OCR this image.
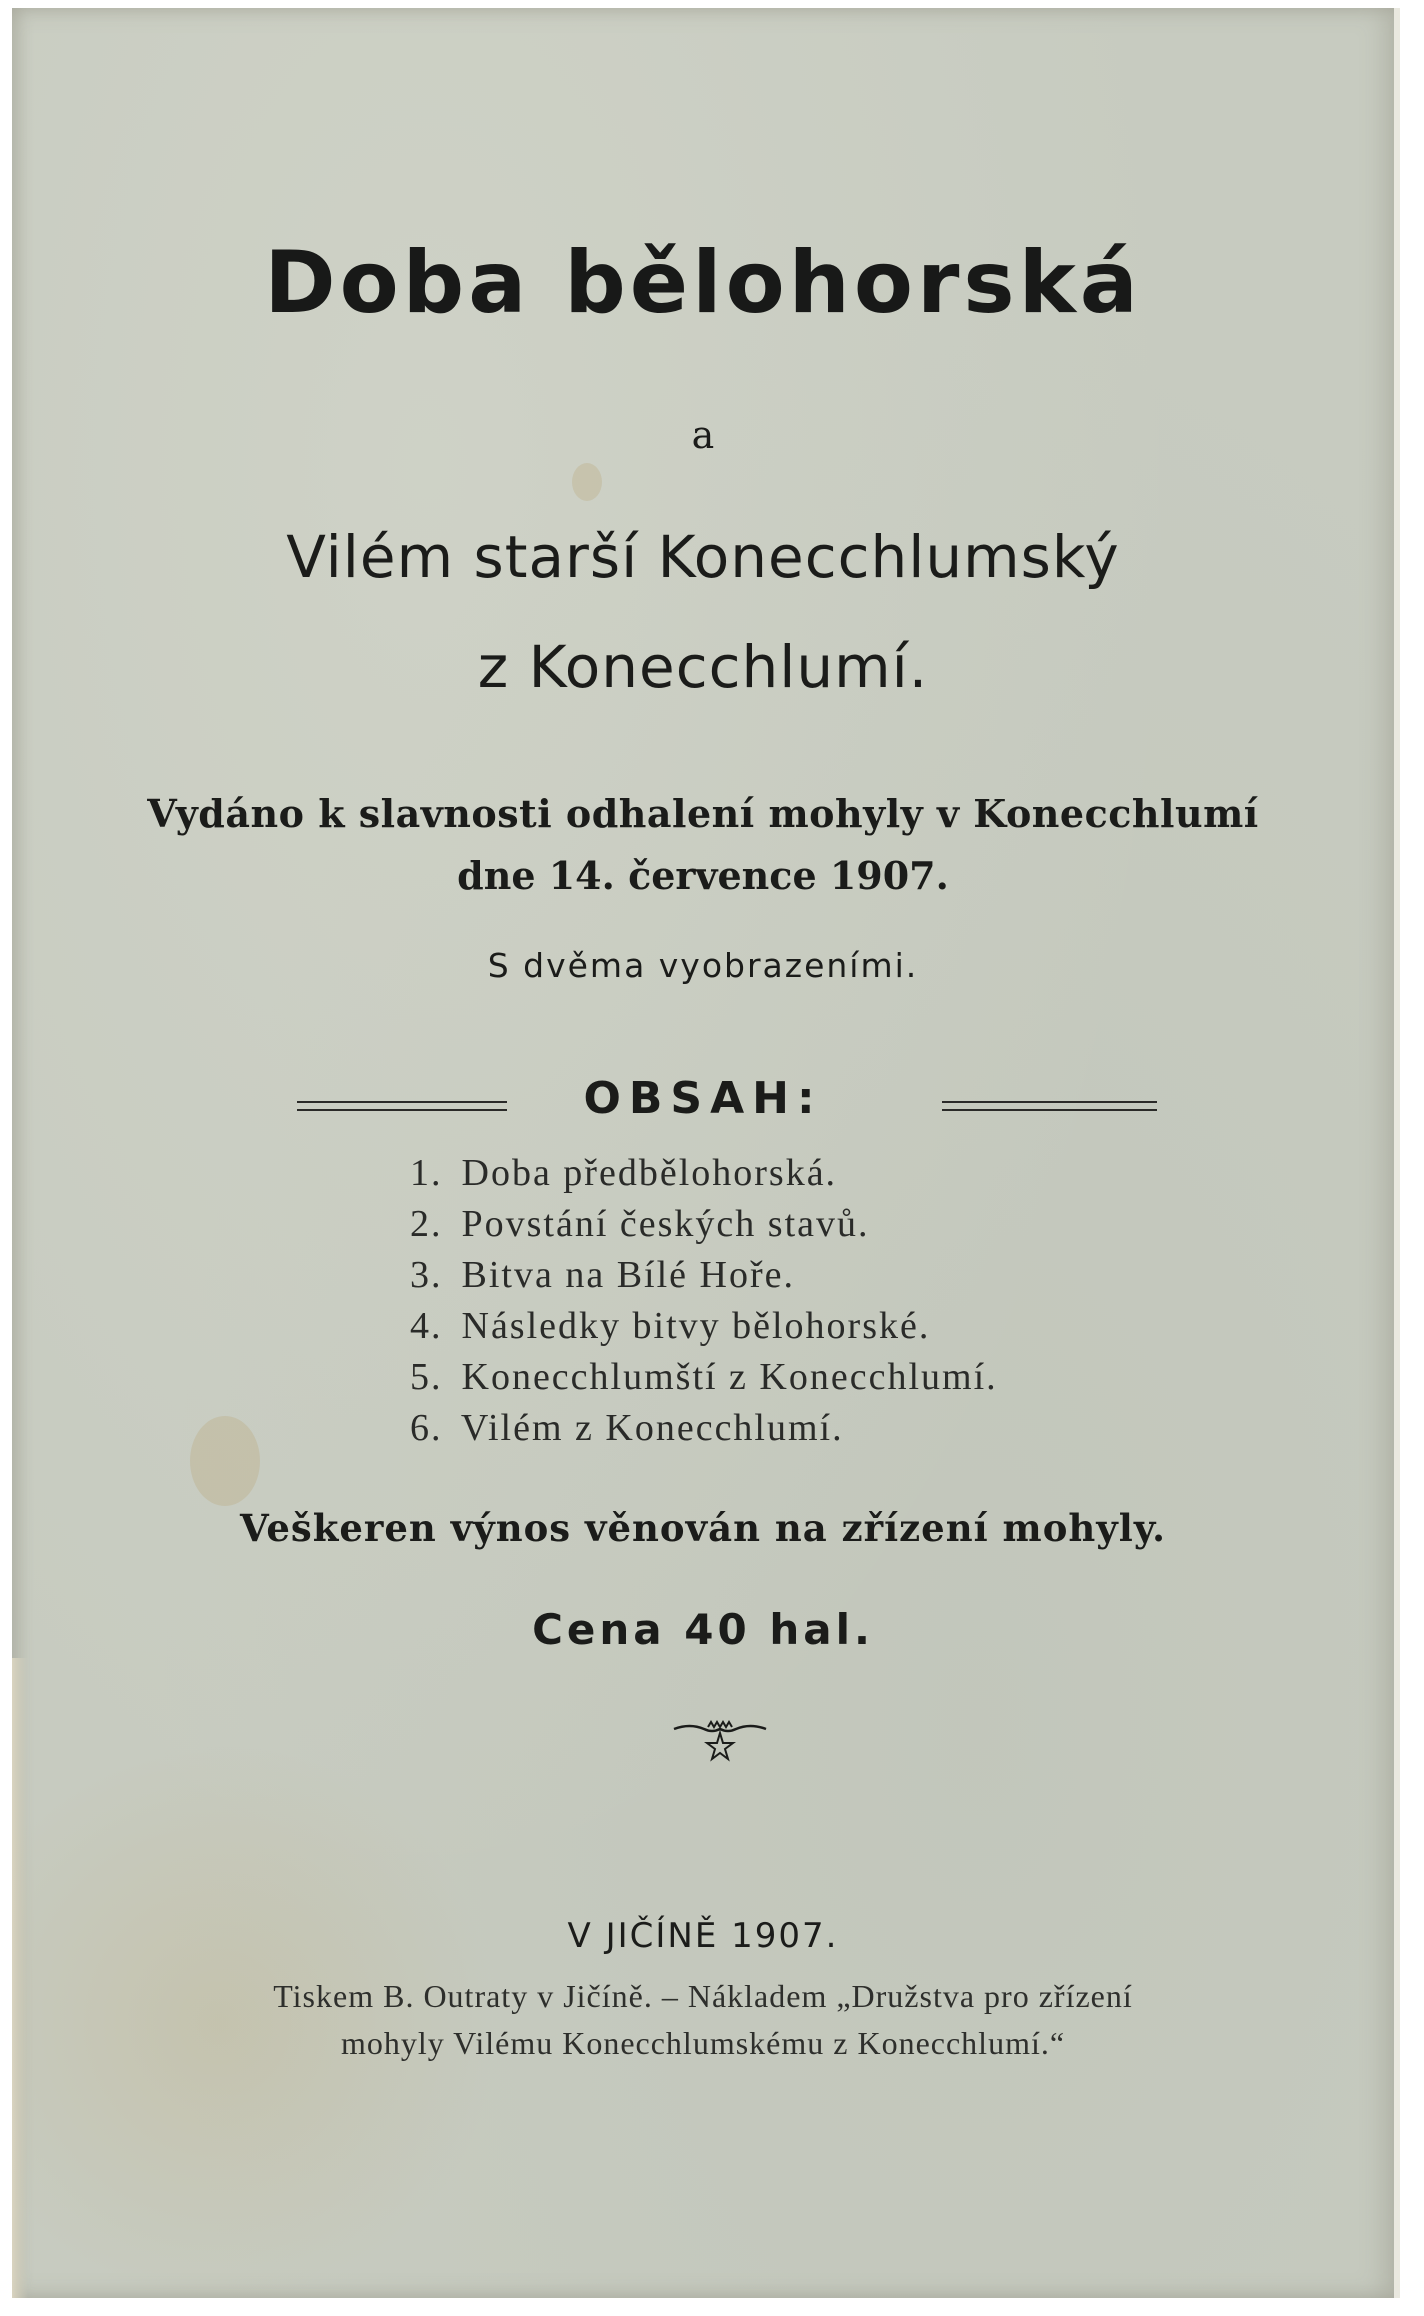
Doba bělohorská
a
Vilém starší Konecchlumský
z Konecchlumí.
Vydáno k slavnosti odhalení mohyly v Konecchlumí
dne 14. července 1907.
S dvěma vyobrazeními.
OBSAH:
1. Doba předbělohorská.
2. Povstání českých stavů.
3. Bitva na Bílé Hoře.
4. Následky bitvy bělohorské.
5. Konecchlumští z Konecchlumí.
6. Vilém z Konecchlumí.
Veškeren výnos věnován na zřízení mohyly.
Cena 40 hal.
V JIČÍNĚ 1907.
Tiskem B. Outraty v Jičíně. – Nákladem „Družstva pro zřízení
mohyly Vilému Konecchlumskému z Konecchlumí.“
